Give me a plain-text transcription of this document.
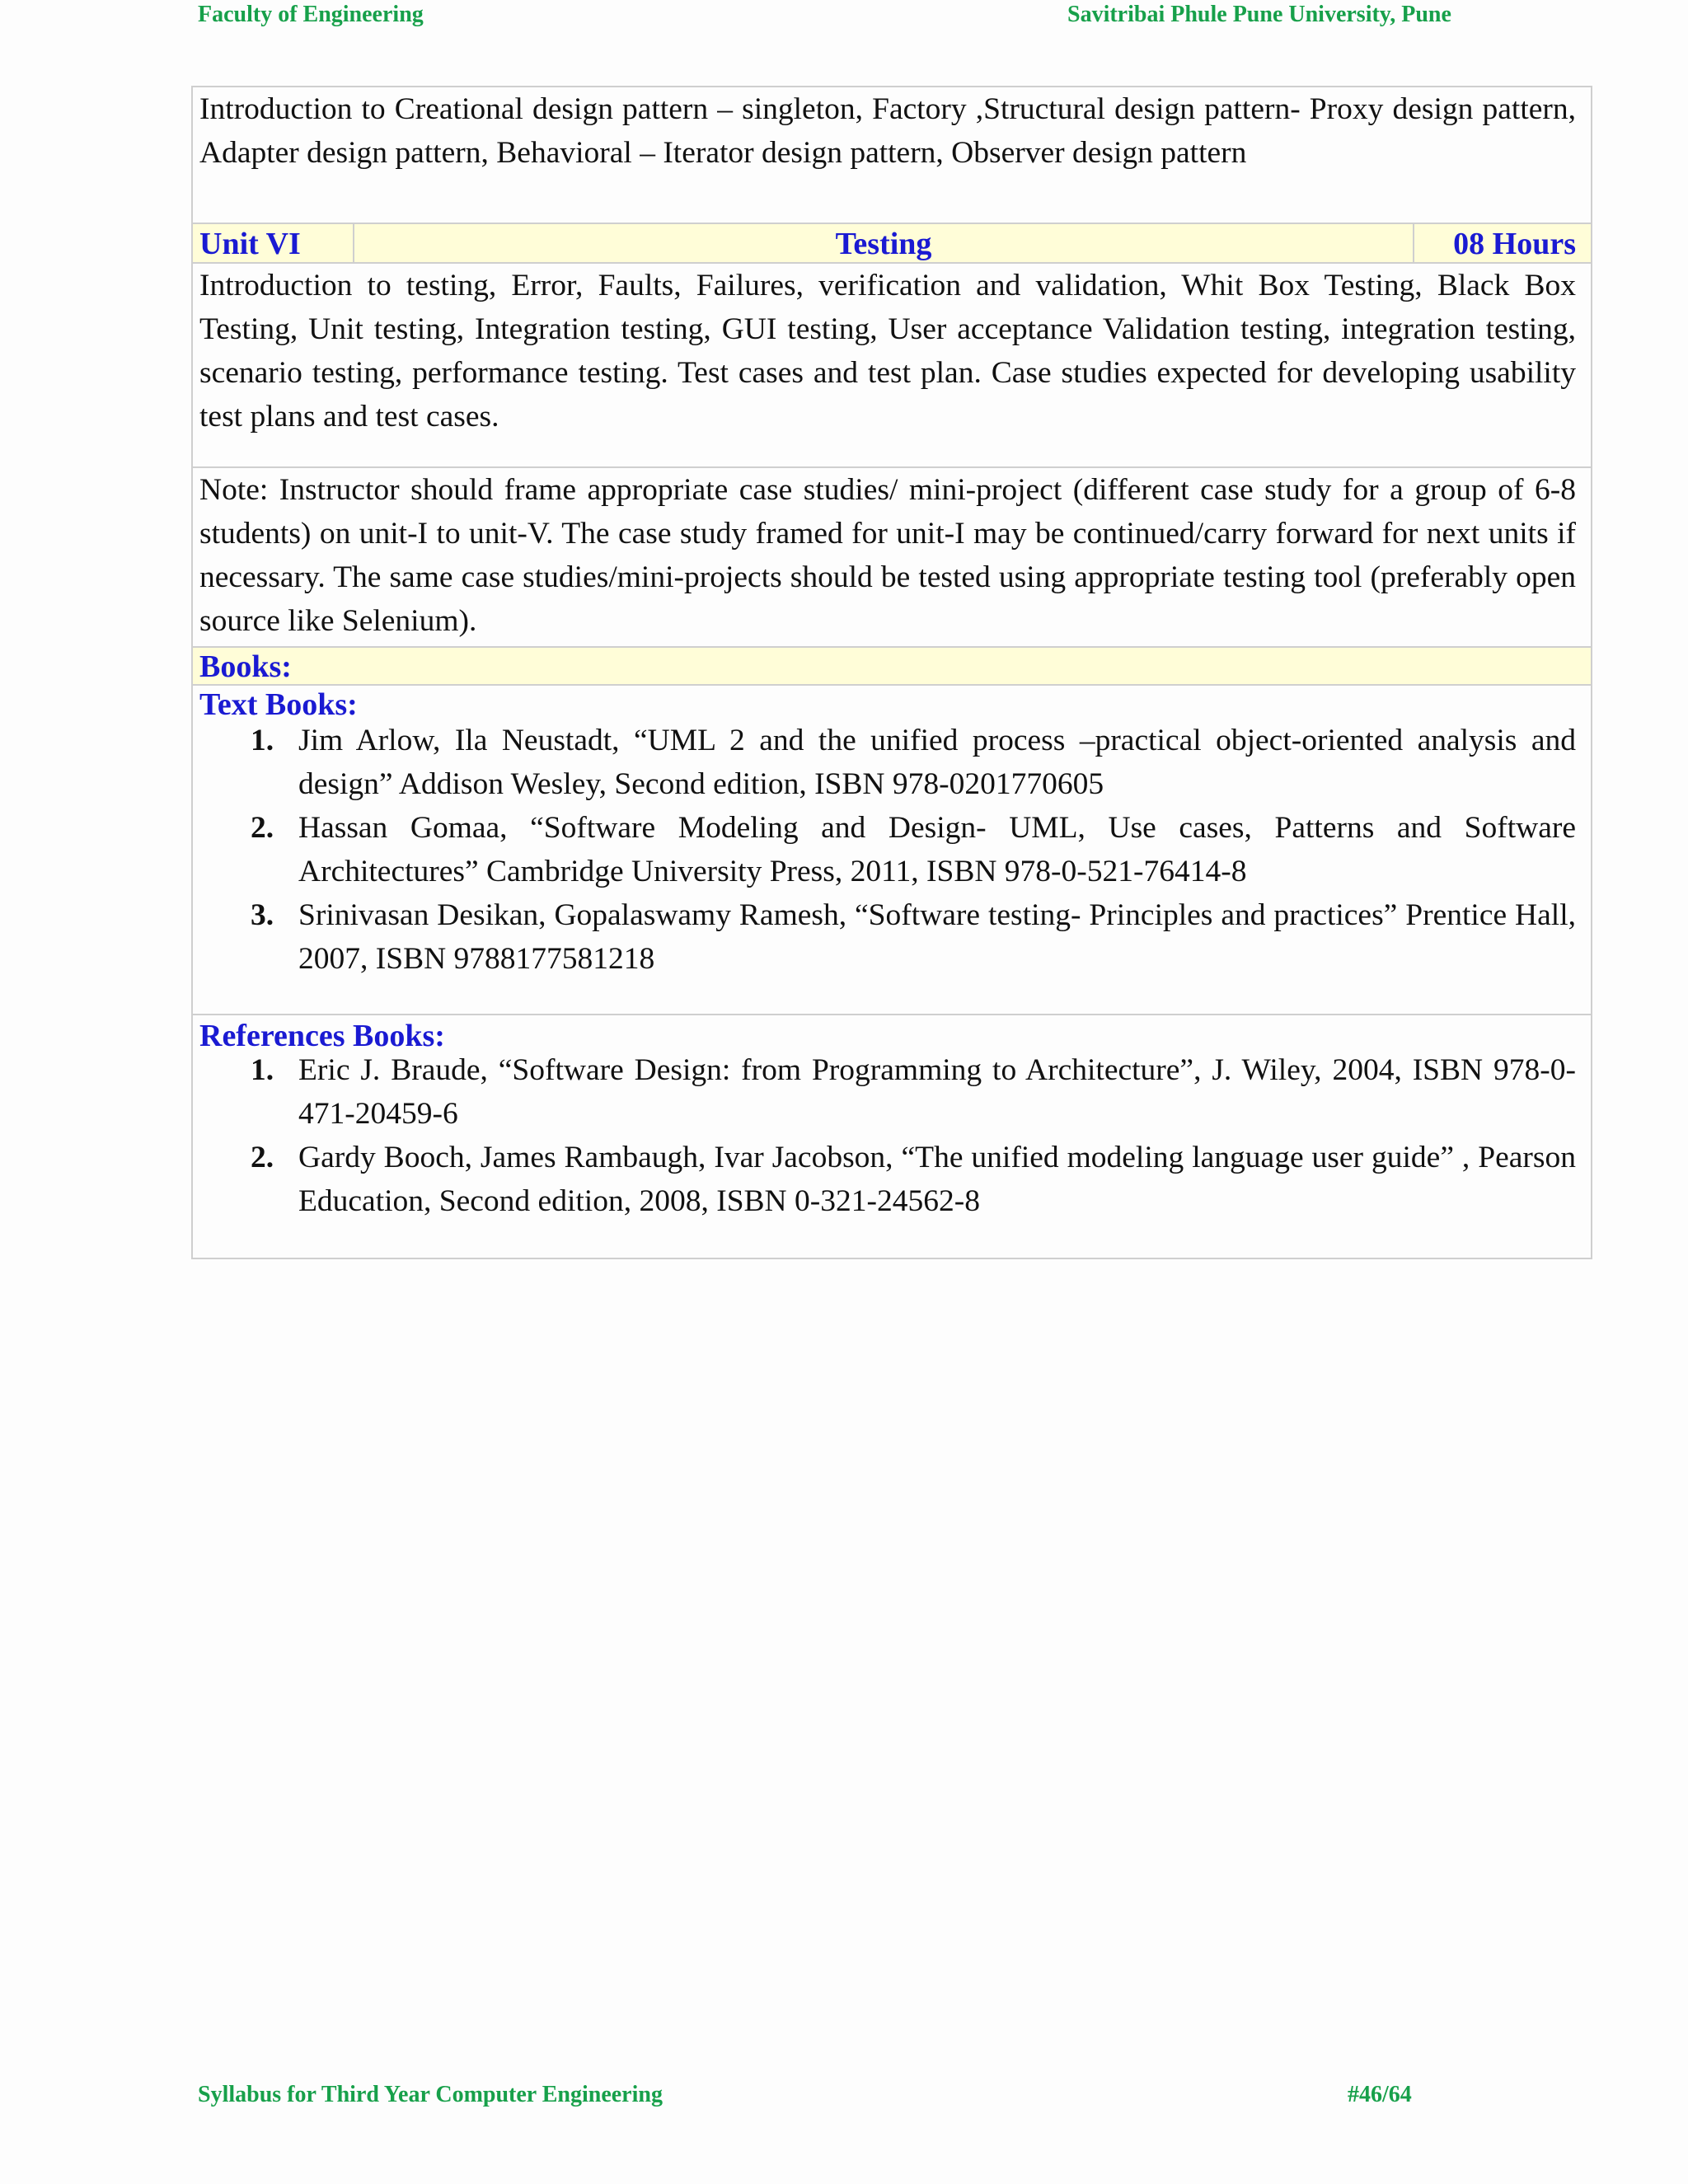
Faculty of Engineering	Savitribai Phule Pune University, Pune
Introduction to Creational design pattern – singleton, Factory ,Structural design pattern- Proxy design pattern, Adapter design pattern, Behavioral – Iterator design pattern, Observer design pattern
Unit VI	Testing	08 Hours
Introduction to testing, Error, Faults, Failures, verification and validation, Whit Box Testing, Black Box Testing, Unit testing, Integration testing, GUI testing, User acceptance Validation testing, integration testing, scenario testing, performance testing. Test cases and test plan. Case studies expected for developing usability test plans and test cases.
Note: Instructor should frame appropriate case studies/ mini-project (different case study for a group of 6-8 students) on unit-I to unit-V. The case study framed for unit-I may be continued/carry forward for next units if necessary. The same case studies/mini-projects should be tested using appropriate testing tool (preferably open source like Selenium).
Books:
Text Books:
1. Jim Arlow, Ila Neustadt, “UML 2 and the unified process –practical object-oriented analysis and design” Addison Wesley, Second edition, ISBN 978-0201770605
2. Hassan Gomaa, “Software Modeling and Design- UML, Use cases, Patterns and Software Architectures” Cambridge University Press, 2011, ISBN 978-0-521-76414-8
3. Srinivasan Desikan, Gopalaswamy Ramesh, “Software testing- Principles and practices” Prentice Hall, 2007, ISBN 9788177581218
References Books:
1. Eric J. Braude, “Software Design: from Programming to Architecture”, J. Wiley, 2004, ISBN 978-0-471-20459-6
2. Gardy Booch, James Rambaugh, Ivar Jacobson, “The unified modeling language user guide” , Pearson Education, Second edition, 2008, ISBN 0-321-24562-8
Syllabus for Third Year Computer Engineering	#46/64
